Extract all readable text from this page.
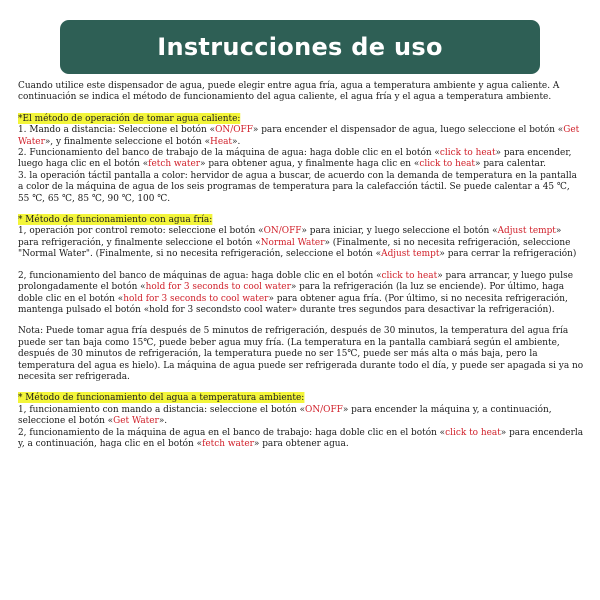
Instrucciones de uso

Cuando utilice este dispensador de agua, puede elegir entre agua fría, agua a temperatura ambiente y agua caliente. A continuación se indica el método de funcionamiento del agua caliente, el agua fría y el agua a temperatura ambiente.

*El método de operación de tomar agua caliente:
1. Mando a distancia: Seleccione el botón «ON/OFF» para encender el dispensador de agua, luego seleccione el botón «Get Water», y finalmente seleccione el botón «Heat».
2. Funcionamiento del banco de trabajo de la máquina de agua: haga doble clic en el botón «click to heat» para encender, luego haga clic en el botón «fetch water» para obtener agua, y finalmente haga clic en «click to heat» para calentar.

3. la operación táctil pantalla a color: hervidor de agua a buscar, de acuerdo con la demanda de temperatura en la pantalla a color de la máquina de agua de los seis programas de temperatura para la calefacción táctil. Se puede calentar a 45 ℃, 55 ℃, 65 ℃, 85 ℃, 90 ℃, 100 ℃.

* Método de funcionamiento con agua fría:

1, operación por control remoto: seleccione el botón «ON/OFF» para iniciar, y luego seleccione el botón «Adjust tempt» para refrigeración, y finalmente seleccione el botón «Normal Water» (Finalmente, si no necesita refrigeración, seleccione "Normal Water". (Finalmente, si no necesita refrigeración, seleccione el botón «Adjust tempt» para cerrar la refrigeración)

2, funcionamiento del banco de máquinas de agua: haga doble clic en el botón «click to heat» para arrancar, y luego pulse prolongadamente el botón «hold for 3 seconds to cool water» para la refrigeración (la luz se enciende). Por último, haga doble clic en el botón «hold for 3 seconds to cool water» para obtener agua fría. (Por último, si no necesita refrigeración, mantenga pulsado el botón «hold for 3 secondsto cool water» durante tres segundos para desactivar la refrigeración).

Nota: Puede tomar agua fría después de 5 minutos de refrigeración, después de 30 minutos, la temperatura del agua fría puede ser tan baja como 15℃, puede beber agua muy fría. (La temperatura en la pantalla cambiará según el ambiente, después de 30 minutos de refrigeración, la temperatura puede no ser 15℃, puede ser más alta o más baja, pero la temperatura del agua es hielo). La máquina de agua puede ser refrigerada durante todo el día, y puede ser apagada si ya no necesita ser refrigerada.

* Método de funcionamiento del agua a temperatura ambiente:
1, funcionamiento con mando a distancia: seleccione el botón «ON/OFF» para encender la máquina y, a continuación, seleccione el botón «Get Water».
2, funcionamiento de la máquina de agua en el banco de trabajo: haga doble clic en el botón «click to heat» para encenderla y, a continuación, haga clic en el botón «fetch water» para obtener agua.
